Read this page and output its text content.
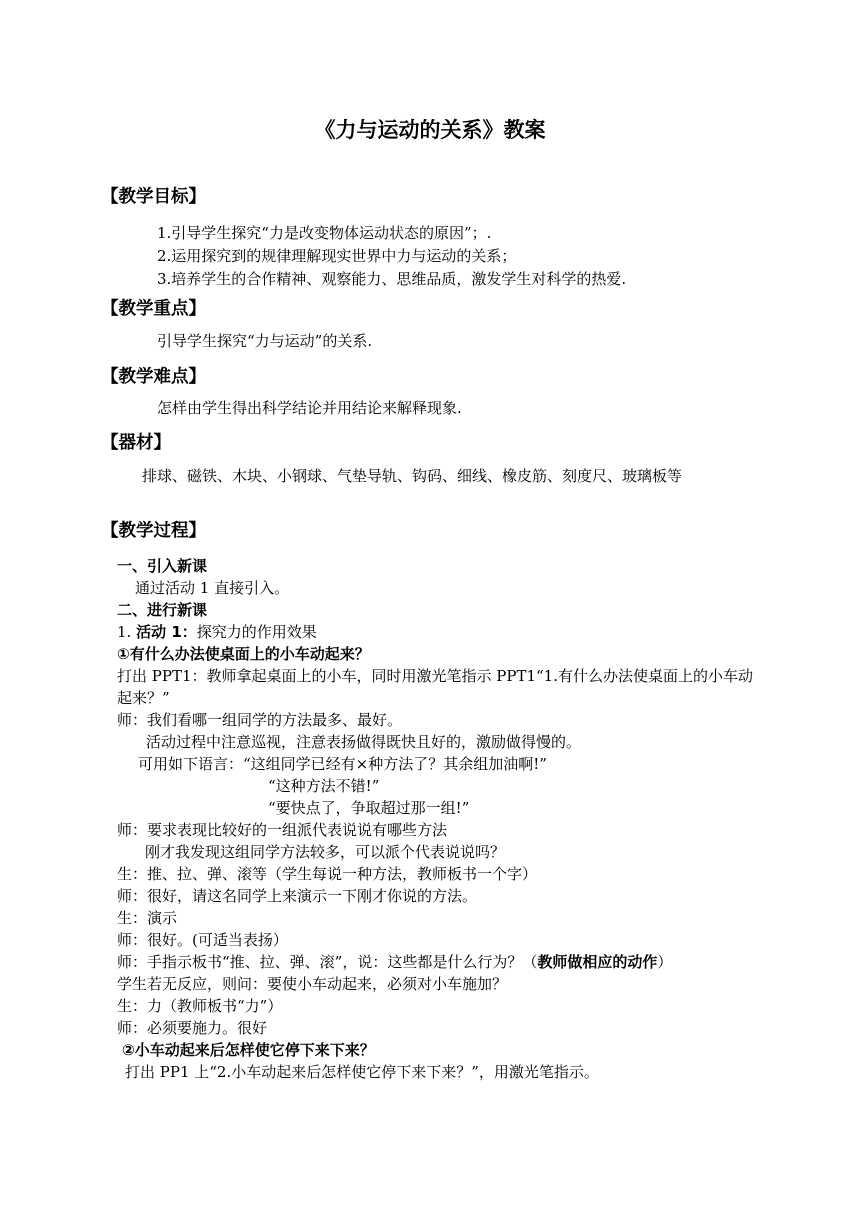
《力与运动的关系》教案
【教学目标】
1.引导学生探究“力是改变物体运动状态的原因”；.
2.运用探究到的规律理解现实世界中力与运动的关系；
3.培养学生的合作精神、观察能力、思维品质，激发学生对科学的热爱.
【教学重点】
引导学生探究“力与运动”的关系.
【教学难点】
怎样由学生得出科学结论并用结论来解释现象.
【器材】
排球、磁铁、木块、小钢球、气垫导轨、钩码、细线、橡皮筋、刻度尺、玻璃板等
【教学过程】
一、引入新课
通过活动 1 直接引入。
二、进行新课
1. 活动 1：探究力的作用效果
①有什么办法使桌面上的小车动起来？
打出 PPT1：教师拿起桌面上的小车，同时用激光笔指示 PPT1“1.有什么办法使桌面上的小车动起来？”
师：我们看哪一组同学的方法最多、最好。
活动过程中注意巡视，注意表扬做得既快且好的，激励做得慢的。
可用如下语言：“这组同学已经有×种方法了？其余组加油啊!”
“这种方法不错!”
“要快点了，争取超过那一组!”
师：要求表现比较好的一组派代表说说有哪些方法
刚才我发现这组同学方法较多，可以派个代表说说吗？
生：推、拉、弹、滚等（学生每说一种方法，教师板书一个字）
师：很好，请这名同学上来演示一下刚才你说的方法。
生：演示
师：很好。(可适当表扬）
师：手指示板书“推、拉、弹、滚”，说：这些都是什么行为？（教师做相应的动作）
学生若无反应，则问：要使小车动起来，必须对小车施加？
生：力（教师板书“力”）
师：必须要施力。很好
②小车动起来后怎样使它停下来下来？
打出 PP1 上“2.小车动起来后怎样使它停下来下来？”，用激光笔指示。
